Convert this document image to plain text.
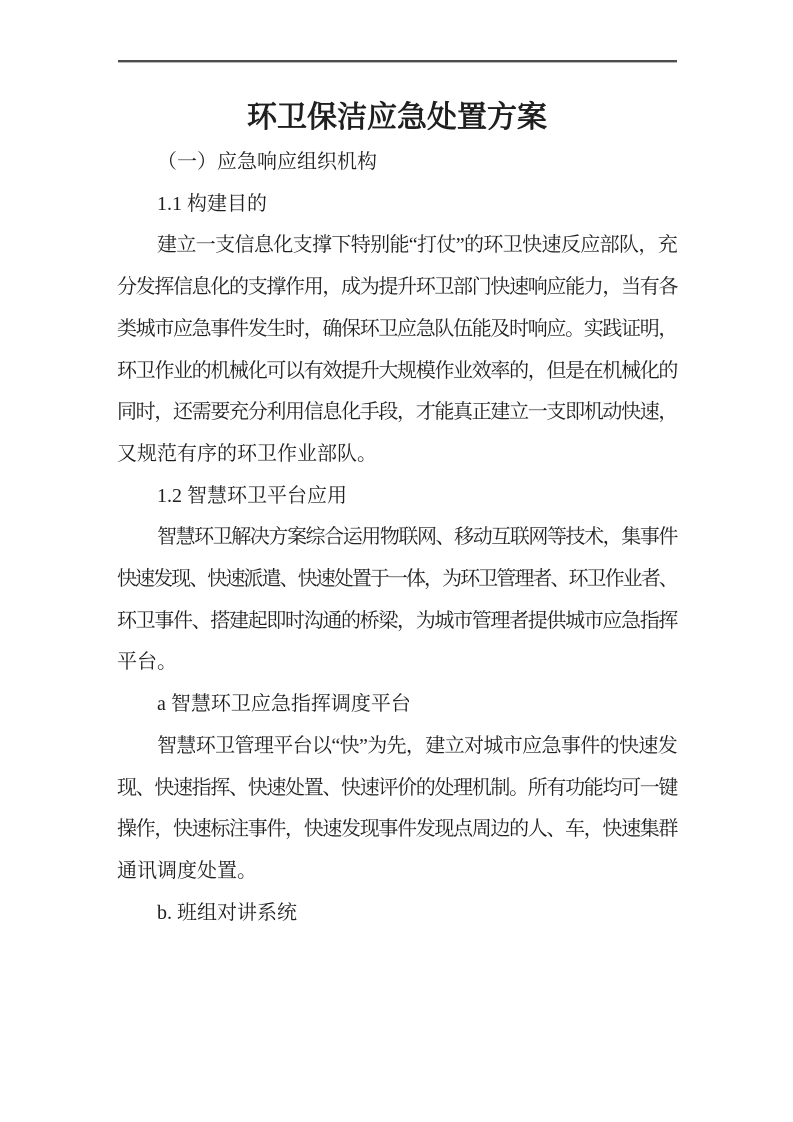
环卫保洁应急处置方案
（一）应急响应组织机构
1.1 构建目的
建立一支信息化支撑下特别能“打仗”的环卫快速反应部队，充
分发挥信息化的支撑作用，成为提升环卫部门快速响应能力，当有各
类城市应急事件发生时，确保环卫应急队伍能及时响应。实践证明，
环卫作业的机械化可以有效提升大规模作业效率的，但是在机械化的
同时，还需要充分利用信息化手段，才能真正建立一支即机动快速，
又规范有序的环卫作业部队。
1.2 智慧环卫平台应用
智慧环卫解决方案综合运用物联网、移动互联网等技术，集事件
快速发现、快速派遣、快速处置于一体，为环卫管理者、环卫作业者、
环卫事件、搭建起即时沟通的桥梁，为城市管理者提供城市应急指挥
平台。
a 智慧环卫应急指挥调度平台
智慧环卫管理平台以“快”为先，建立对城市应急事件的快速发
现、快速指挥、快速处置、快速评价的处理机制。所有功能均可一键
操作，快速标注事件，快速发现事件发现点周边的人、车，快速集群
通讯调度处置。
b. 班组对讲系统
